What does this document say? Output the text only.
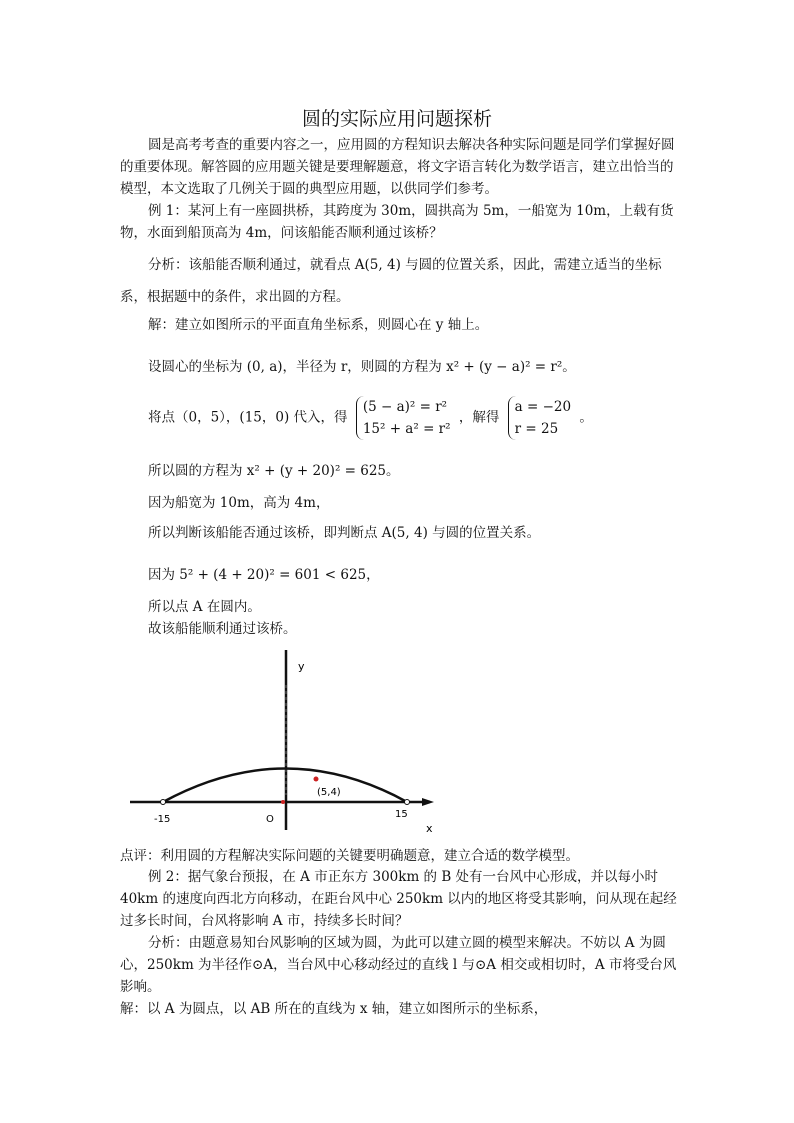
圆的实际应用问题探析
圆是高考考查的重要内容之一，应用圆的方程知识去解决各种实际问题是同学们掌握好圆的重要体现。解答圆的应用题关键是要理解题意，将文字语言转化为数学语言，建立出恰当的模型，本文选取了几例关于圆的典型应用题，以供同学们参考。
例 1：某河上有一座圆拱桥，其跨度为 30m，圆拱高为 5m，一船宽为 10m，上载有货物，水面到船顶高为 4m，问该船能否顺利通过该桥？
分析：该船能否顺利通过，就看点 A(5, 4) 与圆的位置关系，因此，需建立适当的坐标
系，根据题中的条件，求出圆的方程。
解：建立如图所示的平面直角坐标系，则圆心在 y 轴上。
设圆心的坐标为 (0, a)，半径为 r，则圆的方程为 x² + (y − a)² = r²。
将点（0，5），(15，0) 代入，得
(5 − a)² = r²
15² + a² = r²
，解得
a = −20
r = 25
。
所以圆的方程为 x² + (y + 20)² = 625。
因为船宽为 10m，高为 4m，
所以判断该船能否通过该桥，即判断点 A(5, 4) 与圆的位置关系。
因为 5² + (4 + 20)² = 601 < 625，
所以点 A 在圆内。
故该船能顺利通过该桥。
y
x
O
-15	15
(5,4)
点评：利用圆的方程解决实际问题的关键要明确题意，建立合适的数学模型。
例 2：据气象台预报，在 A 市正东方 300km 的 B 处有一台风中心形成，并以每小时 40km 的速度向西北方向移动，在距台风中心 250km 以内的地区将受其影响，问从现在起经过多长时间，台风将影响 A 市，持续多长时间？
分析：由题意易知台风影响的区域为圆，为此可以建立圆的模型来解决。不妨以 A 为圆心，250km 为半径作⊙A，当台风中心移动经过的直线 l 与⊙A 相交或相切时，A 市将受台风影响。
解：以 A 为圆点，以 AB 所在的直线为 x 轴，建立如图所示的坐标系，
